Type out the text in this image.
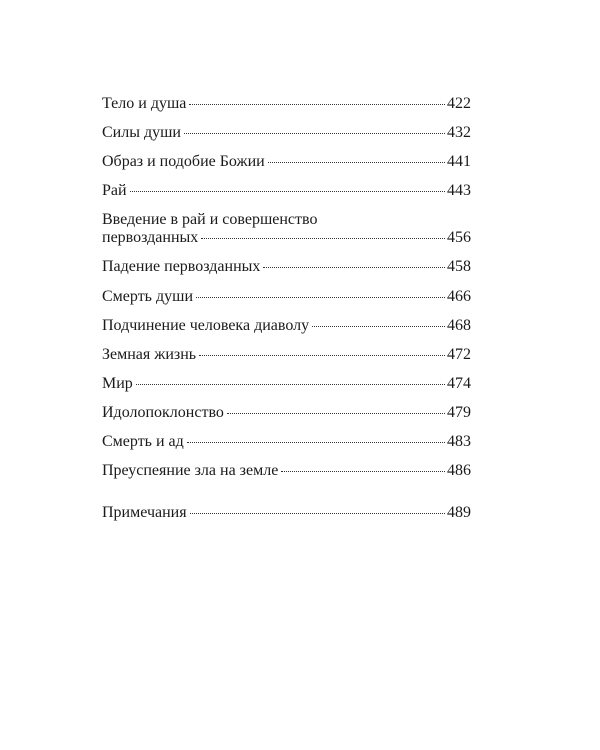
Тело и душа	422
Силы души	432
Образ и подобие Божии	441
Рай	443
Введение в рай и совершенство
первозданных	456
Падение первозданных	458
Смерть души	466
Подчинение человека диаволу	468
Земная жизнь	472
Мир	474
Идолопоклонство	479
Смерть и ад	483
Преуспеяние зла на земле	486
Примечания	489
